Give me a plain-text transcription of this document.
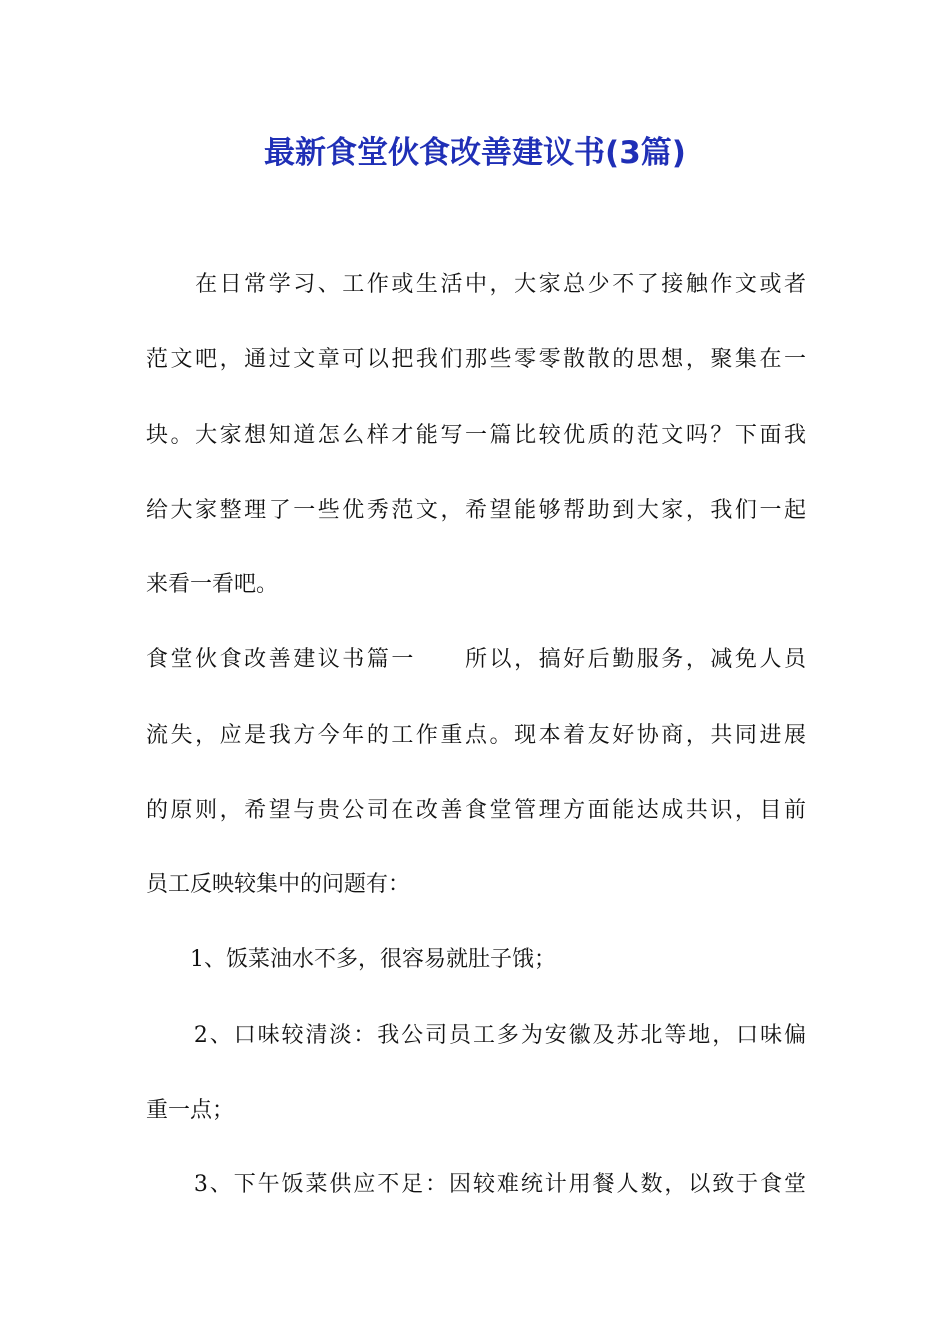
最新食堂伙食改善建议书(3篇)
　　在日常学习、工作或生活中，大家总少不了接触作文或者
范文吧，通过文章可以把我们那些零零散散的思想，聚集在一
块。大家想知道怎么样才能写一篇比较优质的范文吗？下面我
给大家整理了一些优秀范文，希望能够帮助到大家，我们一起
来看一看吧。
食堂伙食改善建议书篇一　　所以，搞好后勤服务，减免人员
流失，应是我方今年的工作重点。现本着友好协商，共同进展
的原则，希望与贵公司在改善食堂管理方面能达成共识，目前
员工反映较集中的问题有：
　　1、饭菜油水不多，很容易就肚子饿；
　　2、口味较清淡：我公司员工多为安徽及苏北等地，口味偏
重一点；
　　3、下午饭菜供应不足：因较难统计用餐人数，以致于食堂
